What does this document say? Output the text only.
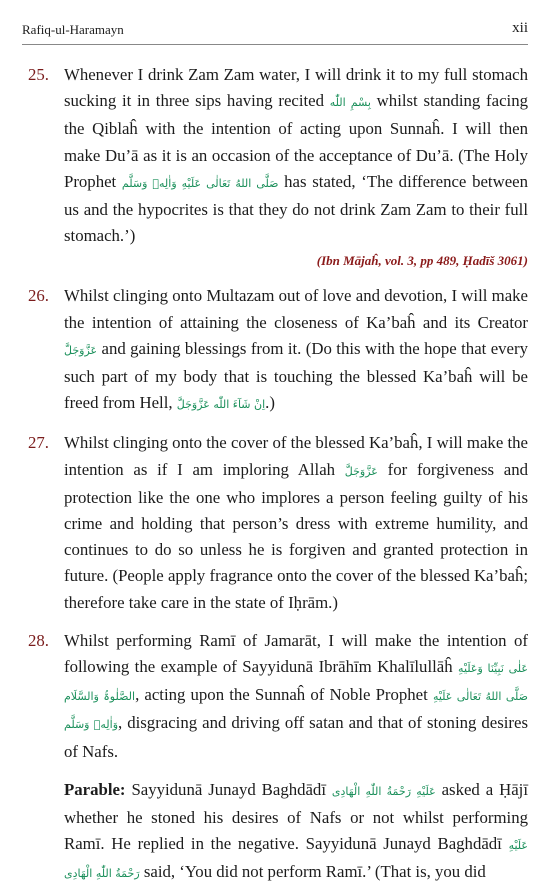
Rafiq-ul-Haramayn	xii
25. Whenever I drink Zam Zam water, I will drink it to my full stomach sucking it in three sips having recited بِسْمِ اللّٰه whilst standing facing the Qiblaĥ with the intention of acting upon Sunnaĥ. I will then make Du’ā as it is an occasion of the acceptance of Du’ā. (The Holy Prophet صَلَّى اللهُ تَعَالٰى عَلَيْهِ وَاٰلِهٖ وَسَلَّم has stated, ‘The difference between us and the hypocrites is that they do not drink Zam Zam to their full stomach.’)
(Ibn Mājaĥ, vol. 3, pp 489, Ḥadīš 3061)
26. Whilst clinging onto Multazam out of love and devotion, I will make the intention of attaining the closeness of Ka’baĥ and its Creator عَزَّوَجَلَّ and gaining blessings from it. (Do this with the hope that every such part of my body that is touching the blessed Ka’baĥ will be freed from Hell, اِنْ شَآءَ اللّٰه عَزَّوَجَلَّ.)
27. Whilst clinging onto the cover of the blessed Ka’baĥ, I will make the intention as if I am imploring Allah عَزَّوَجَلَّ for forgiveness and protection like the one who implores a person feeling guilty of his crime and holding that person’s dress with extreme humility, and continues to do so unless he is forgiven and granted protection in future. (People apply fragrance onto the cover of the blessed Ka’baĥ; therefore take care in the state of Iḥrām.)
28. Whilst performing Ramī of Jamarāt, I will make the intention of following the example of Sayyidunā Ibrāhīm Khalīlullāĥ عَلٰی نَبِیِّنَا وَعَلَیْهِ الصَّلٰوۃُ وَالسَّلَام, acting upon the Sunnaĥ of Noble Prophet صَلَّى اللهُ تَعَالٰى عَلَيْهِ وَاٰلِهٖ وَسَلَّم, disgracing and driving off satan and that of stoning desires of Nafs.
Parable: Sayyidunā Junayd Baghdādī عَلَیْهِ رَحْمَةُ اللّٰهِ الْهَادِی asked a Ḥājī whether he stoned his desires of Nafs or not whilst performing Ramī. He replied in the negative. Sayyidunā Junayd Baghdādī عَلَیْهِ رَحْمَةُ اللّٰهِ الْهَادِی said, ‘You did not perform Ramī.’ (That is, you did
